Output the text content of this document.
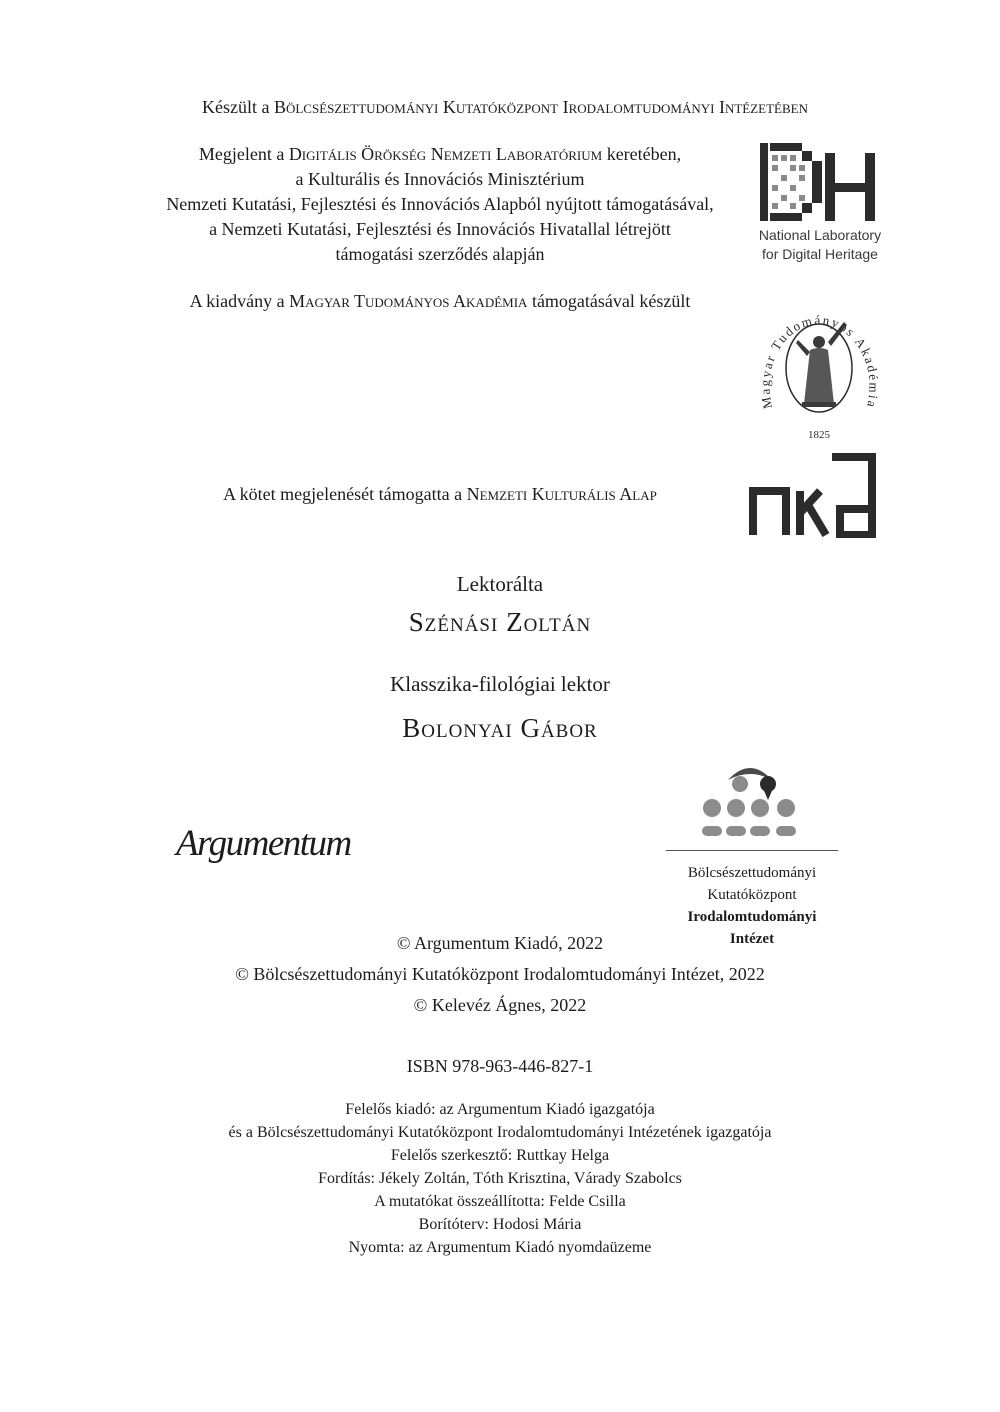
Készült a Bölcsészettudományi Kutatóközpont Irodalomtudományi Intézetében
Megjelent a Digitális Örökség Nemzeti Laboratórium keretében,
a Kulturális és Innovációs Minisztérium
Nemzeti Kutatási, Fejlesztési és Innovációs Alapból nyújtott támogatásával,
a Nemzeti Kutatási, Fejlesztési és Innovációs Hivatallal létrejött
támogatási szerződés alapján
A kiadvány a Magyar Tudományos Akadémia támogatásával készült
A kötet megjelenését támogatta a Nemzeti Kulturális Alap
National Laboratory
for Digital Heritage
Magyar Tudományos Akadémia
1825
nka
Lektorálta
Szénási Zoltán
Klasszika-filológiai lektor
Bolonyai Gábor
Argumentum
Bölcsészettudományi
Kutatóközpont
Irodalomtudományi
Intézet
© Argumentum Kiadó, 2022
© Bölcsészettudományi Kutatóközpont Irodalomtudományi Intézet, 2022
© Kelevéz Ágnes, 2022
ISBN 978-963-446-827-1
Felelős kiadó: az Argumentum Kiadó igazgatója
és a Bölcsészettudományi Kutatóközpont Irodalomtudományi Intézetének igazgatója
Felelős szerkesztő: Ruttkay Helga
Fordítás: Jékely Zoltán, Tóth Krisztina, Várady Szabolcs
A mutatókat összeállította: Felde Csilla
Borítóterv: Hodosi Mária
Nyomta: az Argumentum Kiadó nyomdaüzeme
